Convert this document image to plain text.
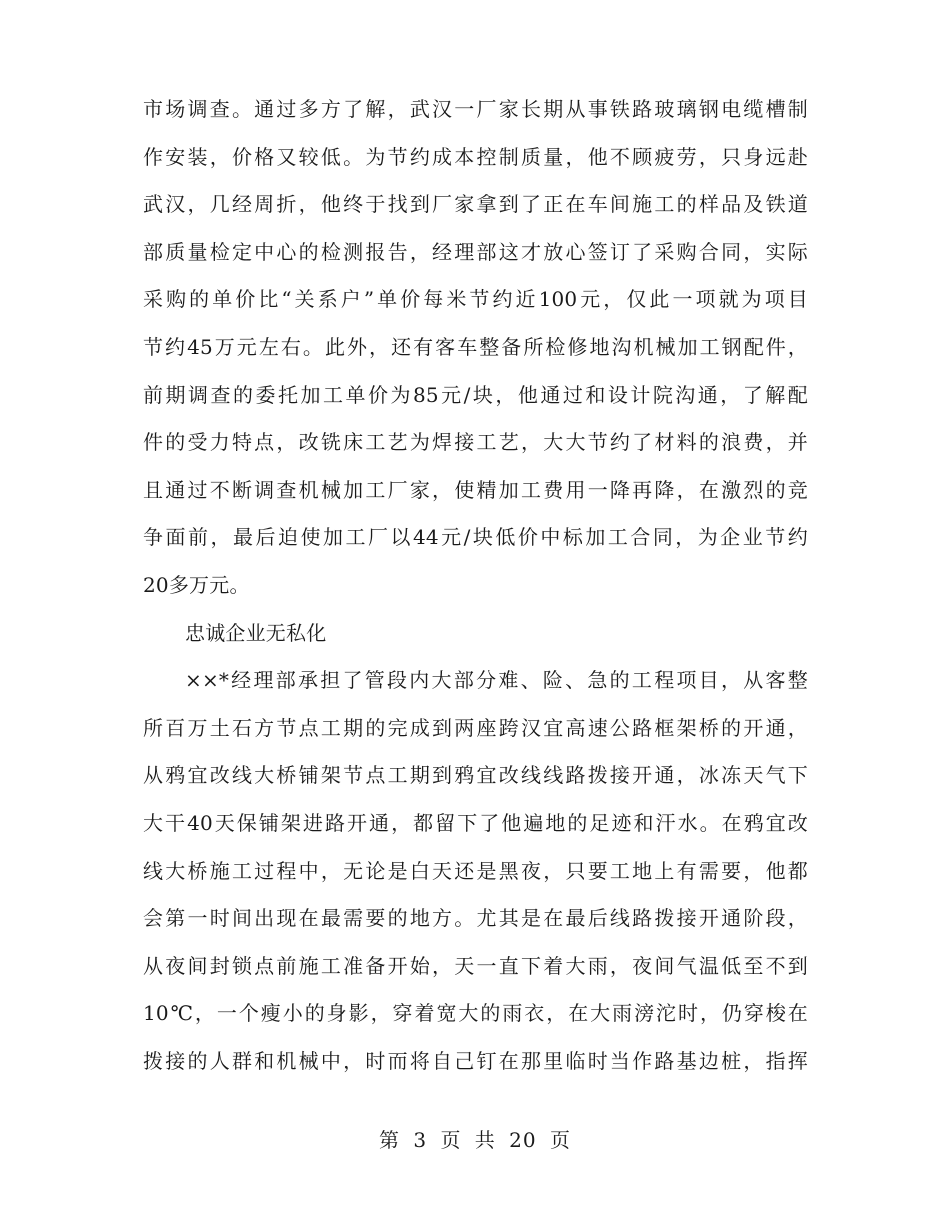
市场调查。通过多方了解，武汉一厂家长期从事铁路玻璃钢电缆槽制
作安装，价格又较低。为节约成本控制质量，他不顾疲劳，只身远赴
武汉，几经周折，他终于找到厂家拿到了正在车间施工的样品及铁道
部质量检定中心的检测报告，经理部这才放心签订了采购合同，实际
采购的单价比“关系户”单价每米节约近100元，仅此一项就为项目
节约45万元左右。此外，还有客车整备所检修地沟机械加工钢配件，
前期调查的委托加工单价为85元/块，他通过和设计院沟通，了解配
件的受力特点，改铣床工艺为焊接工艺，大大节约了材料的浪费，并
且通过不断调查机械加工厂家，使精加工费用一降再降，在激烈的竞
争面前，最后迫使加工厂以44元/块低价中标加工合同，为企业节约
20多万元。
忠诚企业无私化
××*经理部承担了管段内大部分难、险、急的工程项目，从客整
所百万土石方节点工期的完成到两座跨汉宜高速公路框架桥的开通，
从鸦宜改线大桥铺架节点工期到鸦宜改线线路拨接开通，冰冻天气下
大干40天保铺架进路开通，都留下了他遍地的足迹和汗水。在鸦宜改
线大桥施工过程中，无论是白天还是黑夜，只要工地上有需要，他都
会第一时间出现在最需要的地方。尤其是在最后线路拨接开通阶段，
从夜间封锁点前施工准备开始，天一直下着大雨，夜间气温低至不到
10℃，一个瘦小的身影，穿着宽大的雨衣，在大雨滂沱时，仍穿梭在
拨接的人群和机械中，时而将自己钉在那里临时当作路基边桩，指挥
第 3 页 共 20 页
